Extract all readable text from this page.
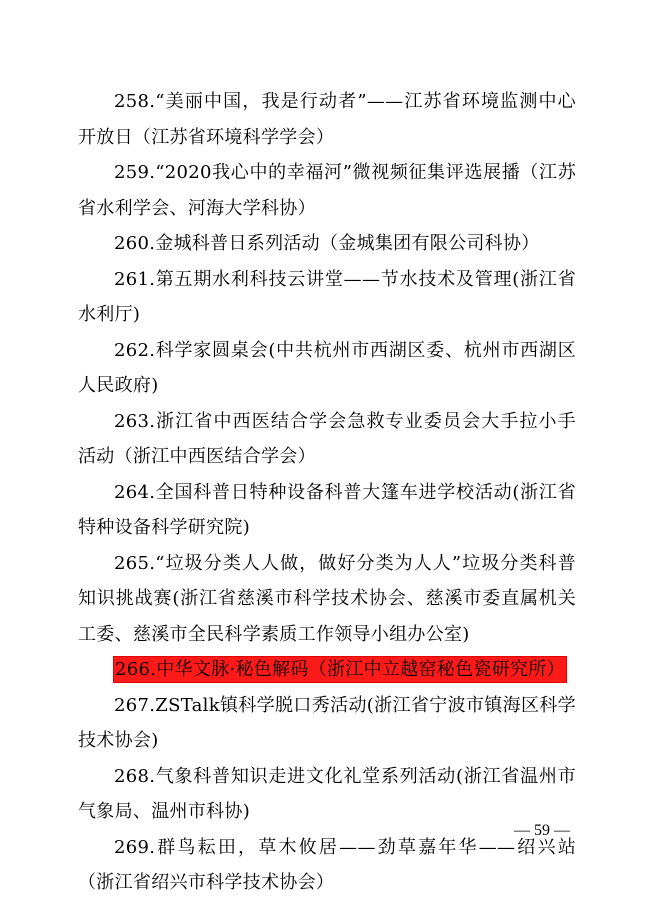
258.“美丽中国，我是行动者”——江苏省环境监测中心开放日（江苏省环境科学学会）

259.“2020我心中的幸福河”微视频征集评选展播（江苏省水利学会、河海大学科协）

260.金城科普日系列活动（金城集团有限公司科协）

261.第五期水利科技云讲堂——节水技术及管理(浙江省水利厅)

262.科学家圆桌会(中共杭州市西湖区委、杭州市西湖区人民政府)

263.浙江省中西医结合学会急救专业委员会大手拉小手活动（浙江中西医结合学会）

264.全国科普日特种设备科普大篷车进学校活动(浙江省特种设备科学研究院)

265.“垃圾分类人人做，做好分类为人人”垃圾分类科普知识挑战赛(浙江省慈溪市科学技术协会、慈溪市委直属机关工委、慈溪市全民科学素质工作领导小组办公室)

266.中华文脉·秘色解码（浙江中立越窑秘色瓷研究所）

267.ZSTalk镇科学脱口秀活动(浙江省宁波市镇海区科学技术协会)

268.气象科普知识走进文化礼堂系列活动(浙江省温州市气象局、温州市科协)

269.群鸟耘田，草木攸居——劲草嘉年华——绍兴站（浙江省绍兴市科学技术协会）

— 59 —
